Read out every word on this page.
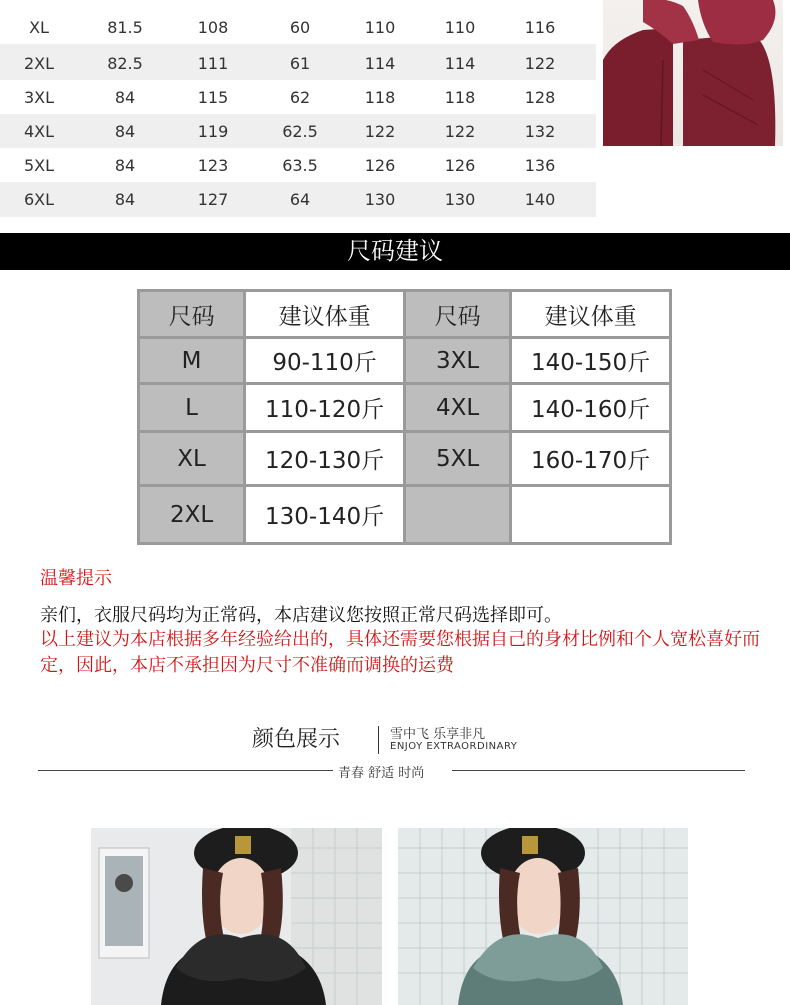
XL	81.5	108	60	110	110	116
2XL	82.5	111	61	114	114	122
3XL	84	115	62	118	118	128
4XL	84	119	62.5	122	122	132
5XL	84	123	63.5	126	126	136
6XL	84	127	64	130	130	140
尺码建议
尺码	建议体重	尺码	建议体重
M	90-110斤	3XL	140-150斤
L	110-120斤	4XL	140-160斤
XL	120-130斤	5XL	160-170斤
2XL	130-140斤		
温馨提示
亲们，衣服尺码均为正常码，本店建议您按照正常尺码选择即可。
以上建议为本店根据多年经验给出的，具体还需要您根据自己的身材比例和个人宽松喜好而定，因此，本店不承担因为尺寸不准确而调换的运费
颜色展示	雪中飞 乐享非凡
ENJOY EXTRAORDINARY
青春 舒适 时尚
